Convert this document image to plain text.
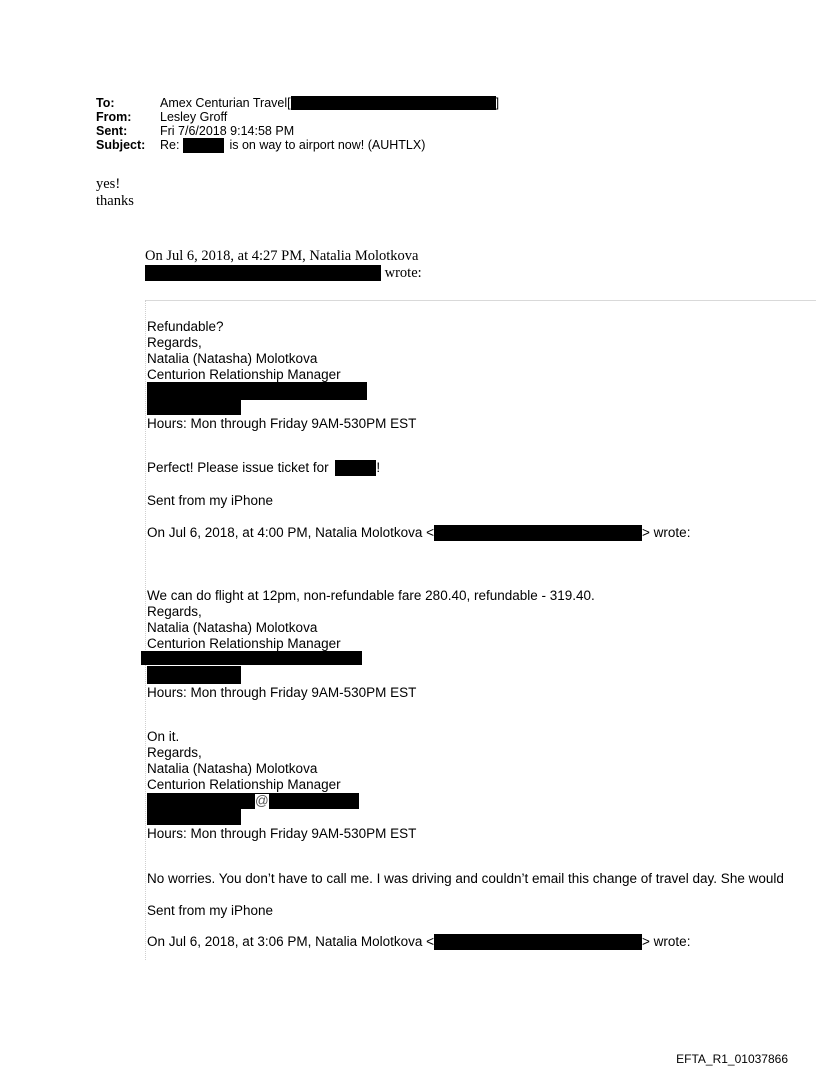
To:	Amex Centurian Travel[	]
From:	Lesley Groff
Sent:	Fri 7/6/2018 9:14:58 PM
Subject:	Re:	is on way to airport now! (AUHTLX)
yes!
thanks
On Jul 6, 2018, at 4:27 PM, Natalia Molotkova
wrote:
Refundable?
Regards,
Natalia (Natasha) Molotkova
Centurion Relationship Manager
Hours: Mon through Friday 9AM-530PM EST
Perfect! Please issue ticket for	!
Sent from my iPhone
On Jul 6, 2018, at 4:00 PM, Natalia Molotkova <	> wrote:
We can do flight at 12pm, non-refundable fare 280.40, refundable - 319.40.
Regards,
Natalia (Natasha) Molotkova
Centurion Relationship Manager
Hours: Mon through Friday 9AM-530PM EST
On it.
Regards,
Natalia (Natasha) Molotkova
Centurion Relationship Manager
@
Hours: Mon through Friday 9AM-530PM EST
No worries. You don’t have to call me. I was driving and couldn’t email this change of travel day. She would
Sent from my iPhone
On Jul 6, 2018, at 3:06 PM, Natalia Molotkova <	> wrote:
EFTA_R1_01037866
